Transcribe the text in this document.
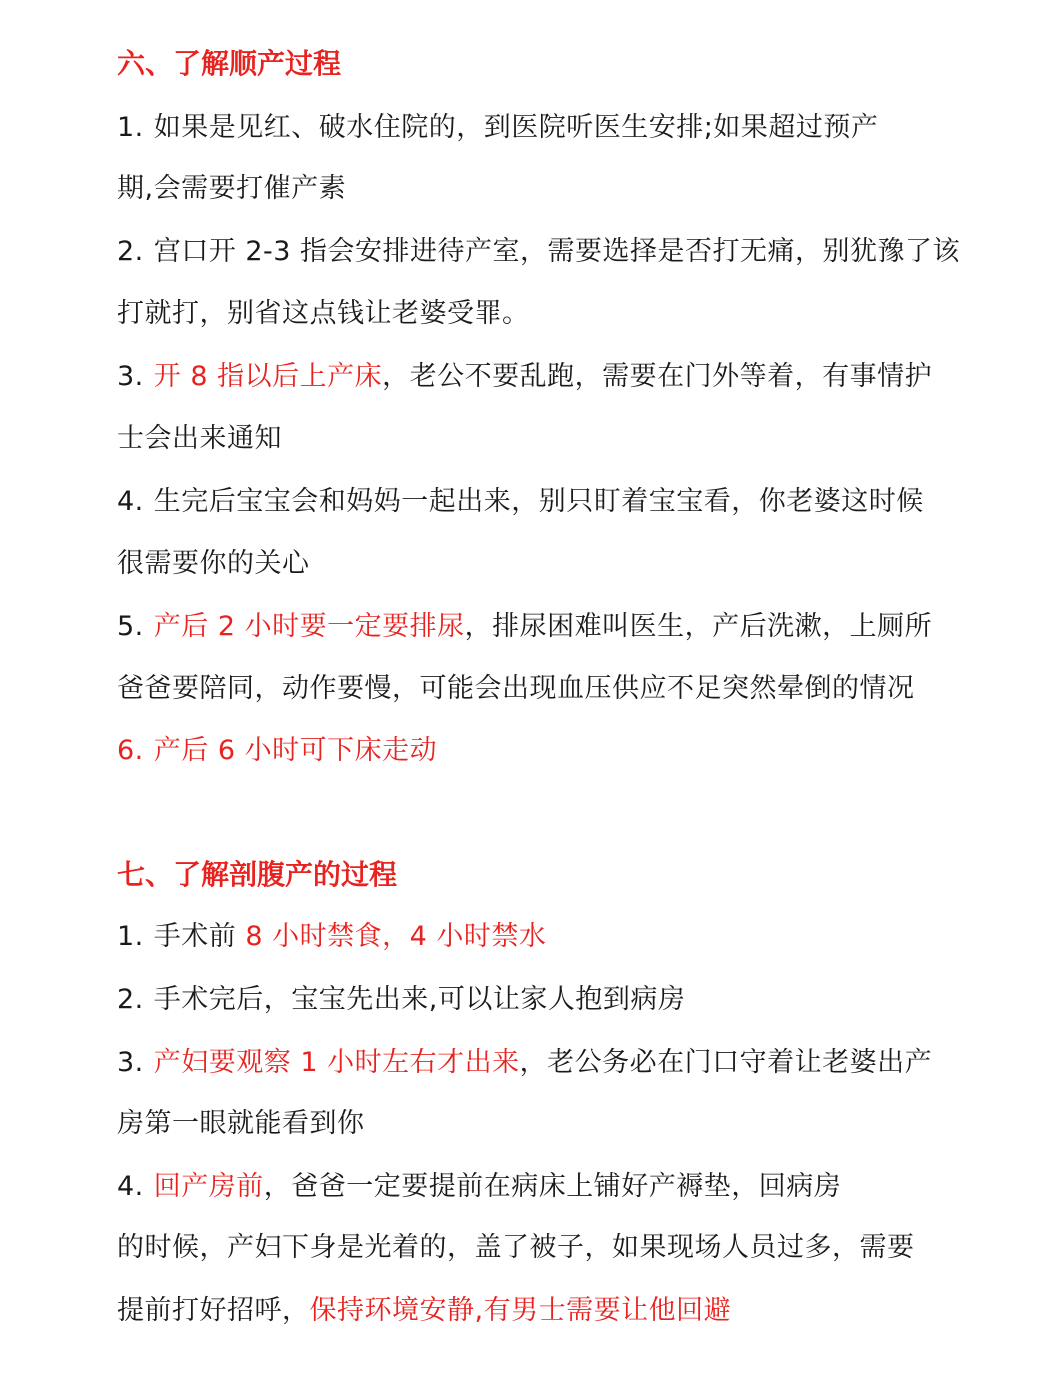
六、了解顺产过程
1. 如果是见红、破水住院的，到医院听医生安排;如果超过预产
期,会需要打催产素
2. 宫口开 2-3 指会安排进待产室，需要选择是否打无痛，别犹豫了该
打就打，别省这点钱让老婆受罪。
3. 开 8 指以后上产床，老公不要乱跑，需要在门外等着，有事情护
士会出来通知
4. 生完后宝宝会和妈妈一起出来，别只盯着宝宝看，你老婆这时候
很需要你的关心
5. 产后 2 小时要一定要排尿，排尿困难叫医生，产后洗漱，上厕所
爸爸要陪同，动作要慢，可能会出现血压供应不足突然晕倒的情况
6. 产后 6 小时可下床走动
七、了解剖腹产的过程
1. 手术前 8 小时禁食，4 小时禁水
2. 手术完后，宝宝先出来,可以让家人抱到病房
3. 产妇要观察 1 小时左右才出来，老公务必在门口守着让老婆出产
房第一眼就能看到你
4. 回产房前，爸爸一定要提前在病床上铺好产褥垫，回病房
的时候，产妇下身是光着的，盖了被子，如果现场人员过多，需要
提前打好招呼，保持环境安静,有男士需要让他回避
